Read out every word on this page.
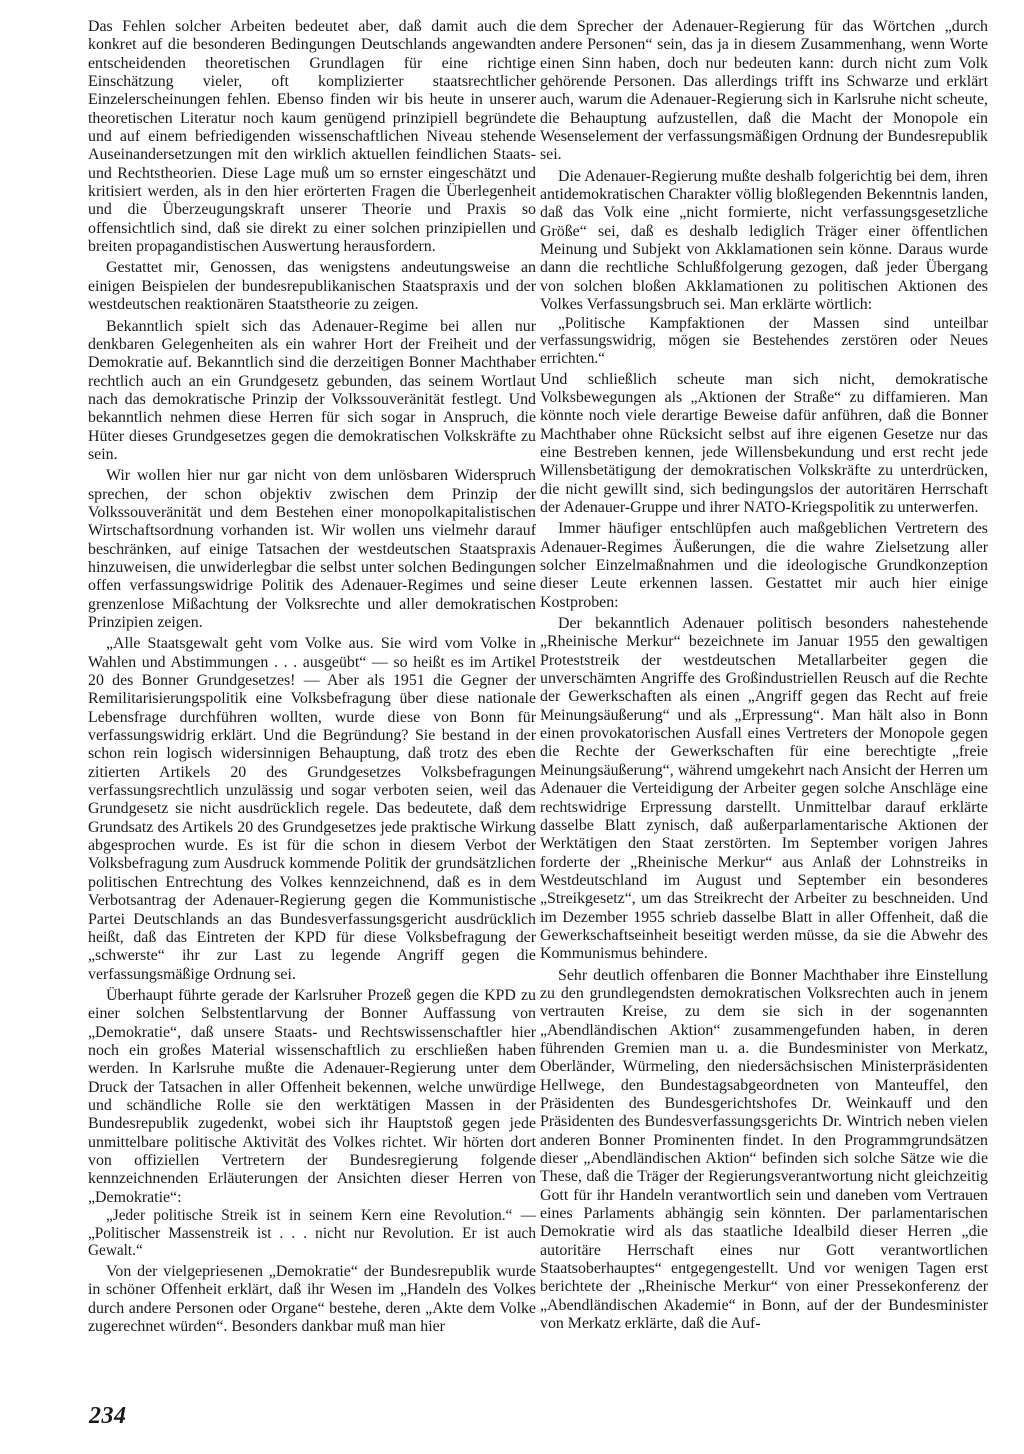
Das Fehlen solcher Arbeiten bedeutet aber, daß damit auch die konkret auf die besonderen Bedingungen Deutschlands angewandten entscheidenden theoretischen Grundlagen für eine richtige Einschätzung vieler, oft komplizierter staatsrechtlicher Einzelerscheinungen fehlen. Ebenso finden wir bis heute in unserer theoretischen Literatur noch kaum genügend prinzipiell begründete und auf einem befriedigenden wissenschaftlichen Niveau stehende Auseinandersetzungen mit den wirklich aktuellen feindlichen Staats- und Rechtstheorien. Diese Lage muß um so ernster eingeschätzt und kritisiert werden, als in den hier erörterten Fragen die Überlegenheit und die Überzeugungskraft unserer Theorie und Praxis so offensichtlich sind, daß sie direkt zu einer solchen prinzipiellen und breiten propagandistischen Auswertung herausfordern.

Gestattet mir, Genossen, das wenigstens andeutungsweise an einigen Beispielen der bundesrepublikanischen Staatspraxis und der westdeutschen reaktionären Staatstheorie zu zeigen.

Bekanntlich spielt sich das Adenauer-Regime bei allen nur denkbaren Gelegenheiten als ein wahrer Hort der Freiheit und der Demokratie auf. Bekanntlich sind die derzeitigen Bonner Machthaber rechtlich auch an ein Grundgesetz gebunden, das seinem Wortlaut nach das demokratische Prinzip der Volkssouveränität festlegt. Und bekanntlich nehmen diese Herren für sich sogar in Anspruch, die Hüter dieses Grundgesetzes gegen die demokratischen Volkskräfte zu sein.

Wir wollen hier nur gar nicht von dem unlösbaren Widerspruch sprechen, der schon objektiv zwischen dem Prinzip der Volkssouveränität und dem Bestehen einer monopolkapitalistischen Wirtschaftsordnung vorhanden ist. Wir wollen uns vielmehr darauf beschränken, auf einige Tatsachen der westdeutschen Staatspraxis hinzuweisen, die unwiderlegbar die selbst unter solchen Bedingungen offen verfassungswidrige Politik des Adenauer-Regimes und seine grenzenlose Mißachtung der Volksrechte und aller demokratischen Prinzipien zeigen.

„Alle Staatsgewalt geht vom Volke aus. Sie wird vom Volke in Wahlen und Abstimmungen . . . ausgeübt“ — so heißt es im Artikel 20 des Bonner Grundgesetzes! — Aber als 1951 die Gegner der Remilitarisierungspolitik eine Volksbefragung über diese nationale Lebensfrage durchführen wollten, wurde diese von Bonn für verfassungswidrig erklärt. Und die Begründung? Sie bestand in der schon rein logisch widersinnigen Behauptung, daß trotz des eben zitierten Artikels 20 des Grundgesetzes Volksbefragungen verfassungsrechtlich unzulässig und sogar verboten seien, weil das Grundgesetz sie nicht ausdrücklich regele. Das bedeutete, daß dem Grundsatz des Artikels 20 des Grundgesetzes jede praktische Wirkung abgesprochen wurde. Es ist für die schon in diesem Verbot der Volksbefragung zum Ausdruck kommende Politik der grundsätzlichen politischen Entrechtung des Volkes kennzeichnend, daß es in dem Verbotsantrag der Adenauer-Regierung gegen die Kommunistische Partei Deutschlands an das Bundesverfassungsgericht ausdrücklich heißt, daß das Eintreten der KPD für diese Volksbefragung der „schwerste“ ihr zur Last zu legende Angriff gegen die verfassungsmäßige Ordnung sei.

Überhaupt führte gerade der Karlsruher Prozeß gegen die KPD zu einer solchen Selbstentlarvung der Bonner Auffassung von „Demokratie“, daß unsere Staats- und Rechtswissenschaftler hier noch ein großes Material wissenschaftlich zu erschließen haben werden. In Karlsruhe mußte die Adenauer-Regierung unter dem Druck der Tatsachen in aller Offenheit bekennen, welche unwürdige und schändliche Rolle sie den werktätigen Massen in der Bundesrepublik zugedenkt, wobei sich ihr Hauptstoß gegen jede unmittelbare politische Aktivität des Volkes richtet. Wir hörten dort von offiziellen Vertretern der Bundesregierung folgende kennzeichnenden Erläuterungen der Ansichten dieser Herren von „Demokratie“:

„Jeder politische Streik ist in seinem Kern eine Revolution.“ — „Politischer Massenstreik ist . . . nicht nur Revolution. Er ist auch Gewalt.“

Von der vielgepriesenen „Demokratie“ der Bundesrepublik wurde in schöner Offenheit erklärt, daß ihr Wesen im „Handeln des Volkes durch andere Personen oder Organe“ bestehe, deren „Akte dem Volke zugerechnet würden“. Besonders dankbar muß man hier

dem Sprecher der Adenauer-Regierung für das Wörtchen „durch andere Personen“ sein, das ja in diesem Zusammenhang, wenn Worte einen Sinn haben, doch nur bedeuten kann: durch nicht zum Volk gehörende Personen. Das allerdings trifft ins Schwarze und erklärt auch, warum die Adenauer-Regierung sich in Karlsruhe nicht scheute, die Behauptung aufzustellen, daß die Macht der Monopole ein Wesenselement der verfassungsmäßigen Ordnung der Bundesrepublik sei.

Die Adenauer-Regierung mußte deshalb folgerichtig bei dem, ihren antidemokratischen Charakter völlig bloßlegenden Bekenntnis landen, daß das Volk eine „nicht formierte, nicht verfassungsgesetzliche Größe“ sei, daß es deshalb lediglich Träger einer öffentlichen Meinung und Subjekt von Akklamationen sein könne. Daraus wurde dann die rechtliche Schlußfolgerung gezogen, daß jeder Übergang von solchen bloßen Akklamationen zu politischen Aktionen des Volkes Verfassungsbruch sei. Man erklärte wörtlich:

„Politische Kampfaktionen der Massen sind unteilbar verfassungswidrig, mögen sie Bestehendes zerstören oder Neues errichten.“

Und schließlich scheute man sich nicht, demokratische Volksbewegungen als „Aktionen der Straße“ zu diffamieren. Man könnte noch viele derartige Beweise dafür anführen, daß die Bonner Machthaber ohne Rücksicht selbst auf ihre eigenen Gesetze nur das eine Bestreben kennen, jede Willensbekundung und erst recht jede Willensbetätigung der demokratischen Volkskräfte zu unterdrücken, die nicht gewillt sind, sich bedingungslos der autoritären Herrschaft der Adenauer-Gruppe und ihrer NATO-Kriegspolitik zu unterwerfen.

Immer häufiger entschlüpfen auch maßgeblichen Vertretern des Adenauer-Regimes Äußerungen, die die wahre Zielsetzung aller solcher Einzelmaßnahmen und die ideologische Grundkonzeption dieser Leute erkennen lassen. Gestattet mir auch hier einige Kostproben:

Der bekanntlich Adenauer politisch besonders nahestehende „Rheinische Merkur“ bezeichnete im Januar 1955 den gewaltigen Proteststreik der westdeutschen Metallarbeiter gegen die unverschämten Angriffe des Großindustriellen Reusch auf die Rechte der Gewerkschaften als einen „Angriff gegen das Recht auf freie Meinungsäußerung“ und als „Erpressung“. Man hält also in Bonn einen provokatorischen Ausfall eines Vertreters der Monopole gegen die Rechte der Gewerkschaften für eine berechtigte „freie Meinungsäußerung“, während umgekehrt nach Ansicht der Herren um Adenauer die Verteidigung der Arbeiter gegen solche Anschläge eine rechtswidrige Erpressung darstellt. Unmittelbar darauf erklärte dasselbe Blatt zynisch, daß außerparlamentarische Aktionen der Werktätigen den Staat zerstörten. Im September vorigen Jahres forderte der „Rheinische Merkur“ aus Anlaß der Lohnstreiks in Westdeutschland im August und September ein besonderes „Streikgesetz“, um das Streikrecht der Arbeiter zu beschneiden. Und im Dezember 1955 schrieb dasselbe Blatt in aller Offenheit, daß die Gewerkschaftseinheit beseitigt werden müsse, da sie die Abwehr des Kommunismus behindere.

Sehr deutlich offenbaren die Bonner Machthaber ihre Einstellung zu den grundlegendsten demokratischen Volksrechten auch in jenem vertrauten Kreise, zu dem sie sich in der sogenannten „Abendländischen Aktion“ zusammengefunden haben, in deren führenden Gremien man u. a. die Bundesminister von Merkatz, Oberländer, Würmeling, den niedersächsischen Ministerpräsidenten Hellwege, den Bundestagsabgeordneten von Manteuffel, den Präsidenten des Bundesgerichtshofes Dr. Weinkauff und den Präsidenten des Bundesverfassungsgerichts Dr. Wintrich neben vielen anderen Bonner Prominenten findet. In den Programmgrundsätzen dieser „Abendländischen Aktion“ befinden sich solche Sätze wie die These, daß die Träger der Regierungsverantwortung nicht gleichzeitig Gott für ihr Handeln verantwortlich sein und daneben vom Vertrauen eines Parlaments abhängig sein könnten. Der parlamentarischen Demokratie wird als das staatliche Idealbild dieser Herren „die autoritäre Herrschaft eines nur Gott verantwortlichen Staatsoberhauptes“ entgegengestellt. Und vor wenigen Tagen erst berichtete der „Rheinische Merkur“ von einer Pressekonferenz der „Abendländischen Akademie“ in Bonn, auf der der Bundesminister von Merkatz erklärte, daß die Auf-

234
